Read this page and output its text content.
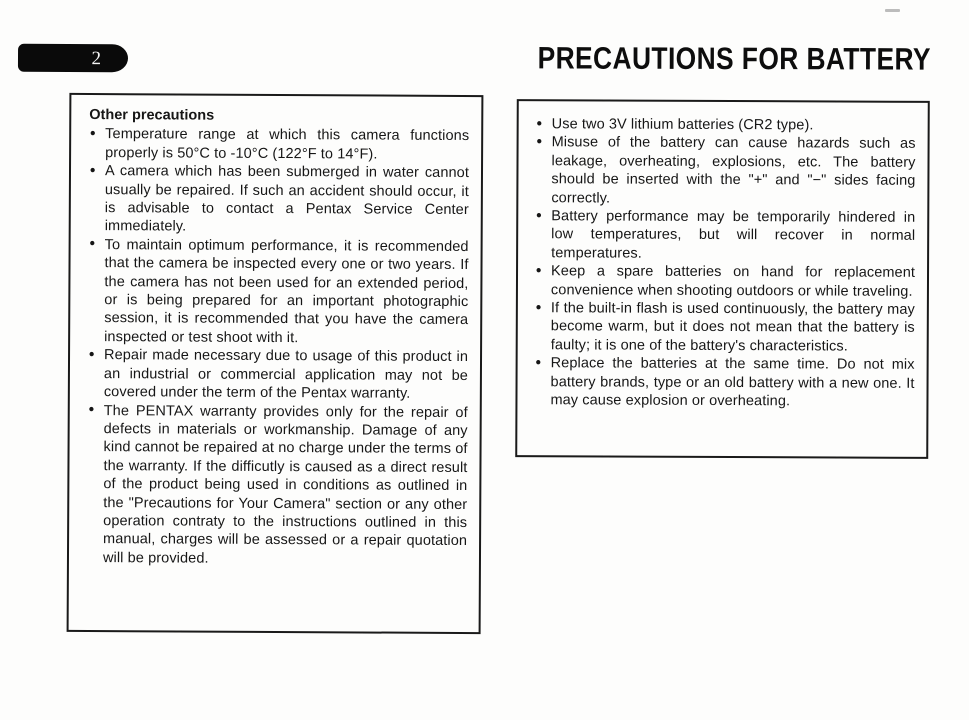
2	PRECAUTIONS FOR BATTERY
Other precautions
• Temperature range at which this camera functions properly is 50°C to -10°C (122°F to 14°F).
• A camera which has been submerged in water cannot usually be repaired. If such an accident should occur, it is advisable to contact a Pentax Service Center immediately.
• To maintain optimum performance, it is recommended that the camera be inspected every one or two years. If the camera has not been used for an extended period, or is being prepared for an important photographic session, it is recommended that you have the camera inspected or test shoot with it.
• Repair made necessary due to usage of this product in an industrial or commercial application may not be covered under the term of the Pentax warranty.
• The PENTAX warranty provides only for the repair of defects in materials or workmanship. Damage of any kind cannot be repaired at no charge under the terms of the warranty. If the difficutly is caused as a direct result of the product being used in conditions as outlined in the "Precautions for Your Camera" section or any other operation contraty to the instructions outlined in this manual, charges will be assessed or a repair quotation will be provided.
• Use two 3V lithium batteries (CR2 type).
• Misuse of the battery can cause hazards such as leakage, overheating, explosions, etc. The battery should be inserted with the "+" and "−" sides facing correctly.
• Battery performance may be temporarily hindered in low temperatures, but will recover in normal temperatures.
• Keep a spare batteries on hand for replacement convenience when shooting outdoors or while traveling.
• If the built-in flash is used continuously, the battery may become warm, but it does not mean that the battery is faulty; it is one of the battery's characteristics.
• Replace the batteries at the same time. Do not mix battery brands, type or an old battery with a new one. It may cause explosion or overheating.
